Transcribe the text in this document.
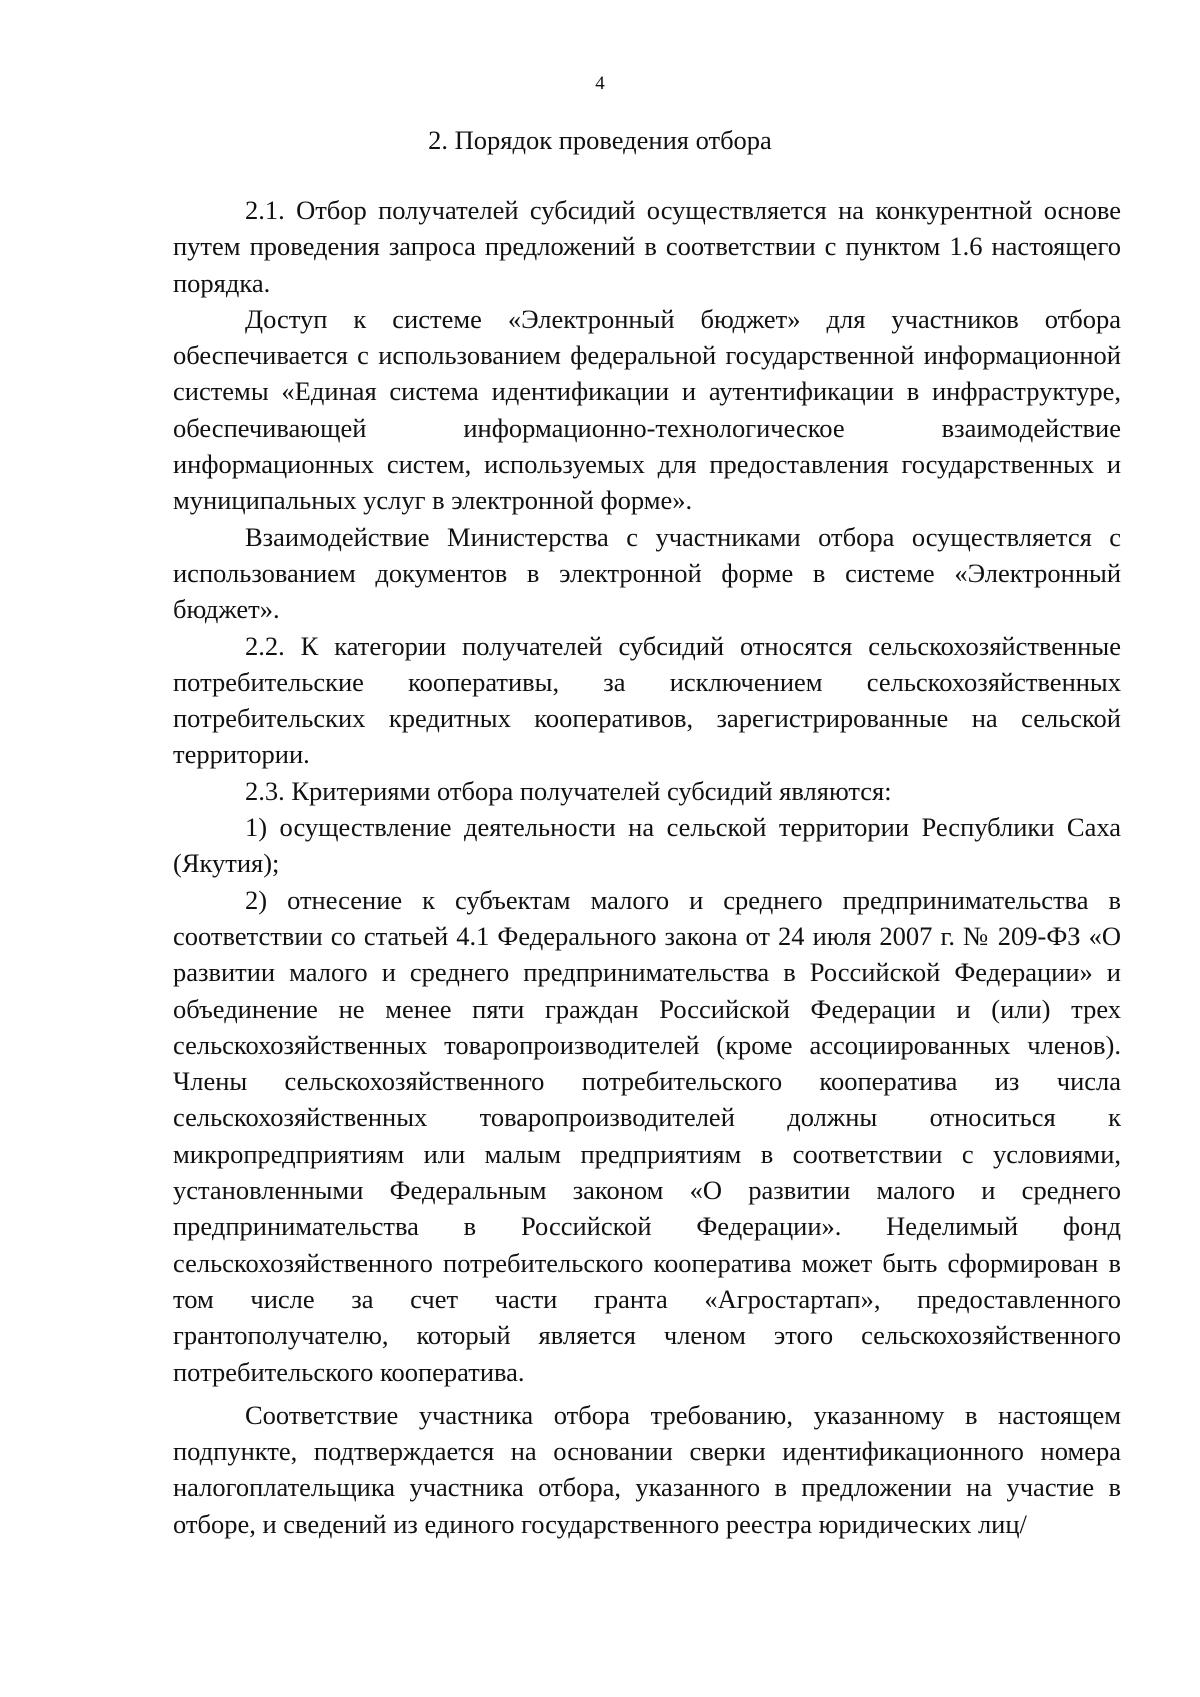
4
2. Порядок проведения отбора

2.1. Отбор получателей субсидий осуществляется на конкурентной основе путем проведения запроса предложений в соответствии с пунктом 1.6 настоящего порядка.

Доступ к системе «Электронный бюджет» для участников отбора обеспечивается с использованием федеральной государственной информационной системы «Единая система идентификации и аутентификации в инфраструктуре, обеспечивающей информационно-технологическое взаимодействие информационных систем, используемых для предоставления государственных и муниципальных услуг в электронной форме».

Взаимодействие Министерства с участниками отбора осуществляется с использованием документов в электронной форме в системе «Электронный бюджет».

2.2. К категории получателей субсидий относятся сельскохозяйственные потребительские кооперативы, за исключением сельскохозяйственных потребительских кредитных кооперативов, зарегистрированные на сельской территории.

2.3. Критериями отбора получателей субсидий являются:

1) осуществление деятельности на сельской территории Республики Саха (Якутия);

2) отнесение к субъектам малого и среднего предпринимательства в соответствии со статьей 4.1 Федерального закона от 24 июля 2007 г. № 209-ФЗ «О развитии малого и среднего предпринимательства в Российской Федерации» и объединение не менее пяти граждан Российской Федерации и (или) трех сельскохозяйственных товаропроизводителей (кроме ассоциированных членов). Члены сельскохозяйственного потребительского кооператива из числа сельскохозяйственных товаропроизводителей должны относиться к микропредприятиям или малым предприятиям в соответствии с условиями, установленными Федеральным законом «О развитии малого и среднего предпринимательства в Российской Федерации». Неделимый фонд сельскохозяйственного потребительского кооператива может быть сформирован в том числе за счет части гранта «Агростартап», предоставленного грантополучателю, который является членом этого сельскохозяйственного потребительского кооператива.

Соответствие участника отбора требованию, указанному в настоящем подпункте, подтверждается на основании сверки идентификационного номера налогоплательщика участника отбора, указанного в предложении на участие в отборе, и сведений из единого государственного реестра юридических лиц/
